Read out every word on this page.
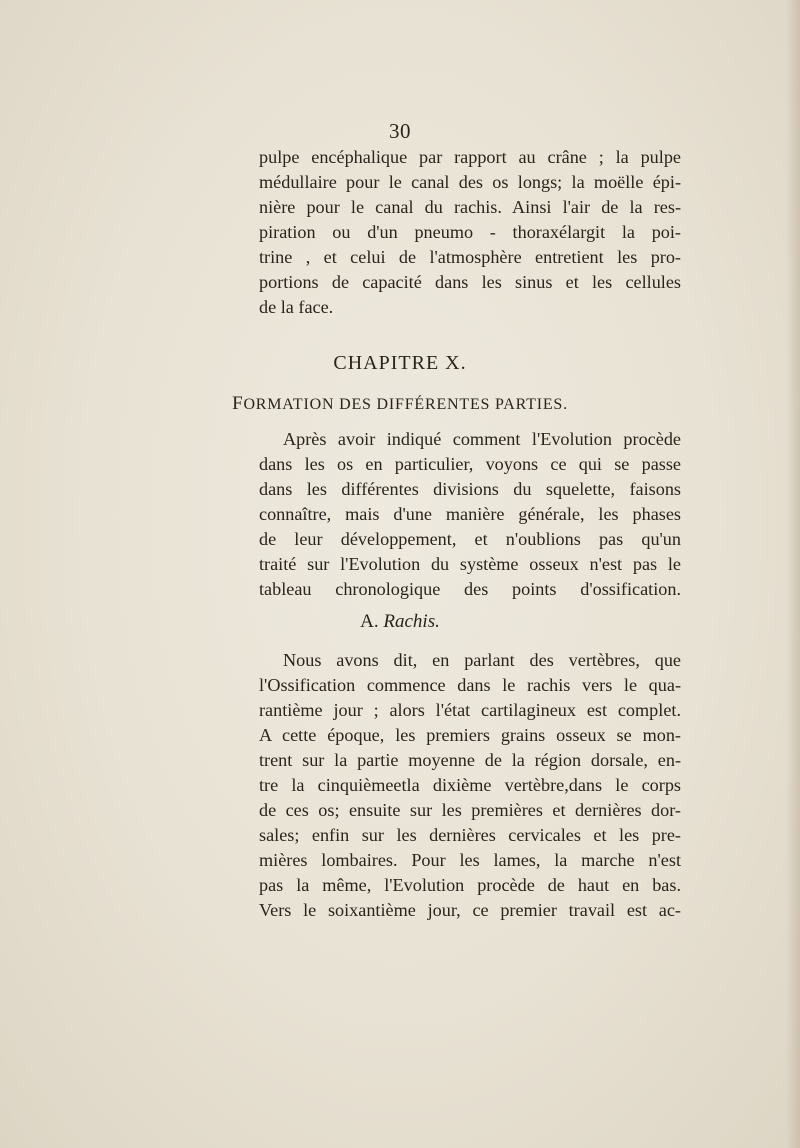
30

pulpe encéphalique par rapport au crâne ; la pulpe
médullaire pour le canal des os longs; la moëlle épi-
nière pour le canal du rachis. Ainsi l'air de la res-
piration ou d'un pneumo - thoraxélargit la poi-
trine , et celui de l'atmosphère entretient les pro-
portions de capacité dans les sinus et les cellules
de la face.

CHAPITRE X.
FORMATION DES DIFFÉRENTES PARTIES.

Après avoir indiqué comment l'Evolution procède
dans les os en particulier, voyons ce qui se passe
dans les différentes divisions du squelette, faisons
connaître, mais d'une manière générale, les phases
de leur développement, et n'oublions pas qu'un
traité sur l'Evolution du système osseux n'est pas le
tableau chronologique des points d'ossification.

A. Rachis.

Nous avons dit, en parlant des vertèbres, que
l'Ossification commence dans le rachis vers le qua-
rantième jour ; alors l'état cartilagineux est complet.
A cette époque, les premiers grains osseux se mon-
trent sur la partie moyenne de la région dorsale, en-
tre la cinquièmeetla dixième vertèbre,dans le corps
de ces os; ensuite sur les premières et dernières dor-
sales; enfin sur les dernières cervicales et les pre-
mières lombaires. Pour les lames, la marche n'est
pas la même, l'Evolution procède de haut en bas.
Vers le soixantième jour, ce premier travail est ac-
